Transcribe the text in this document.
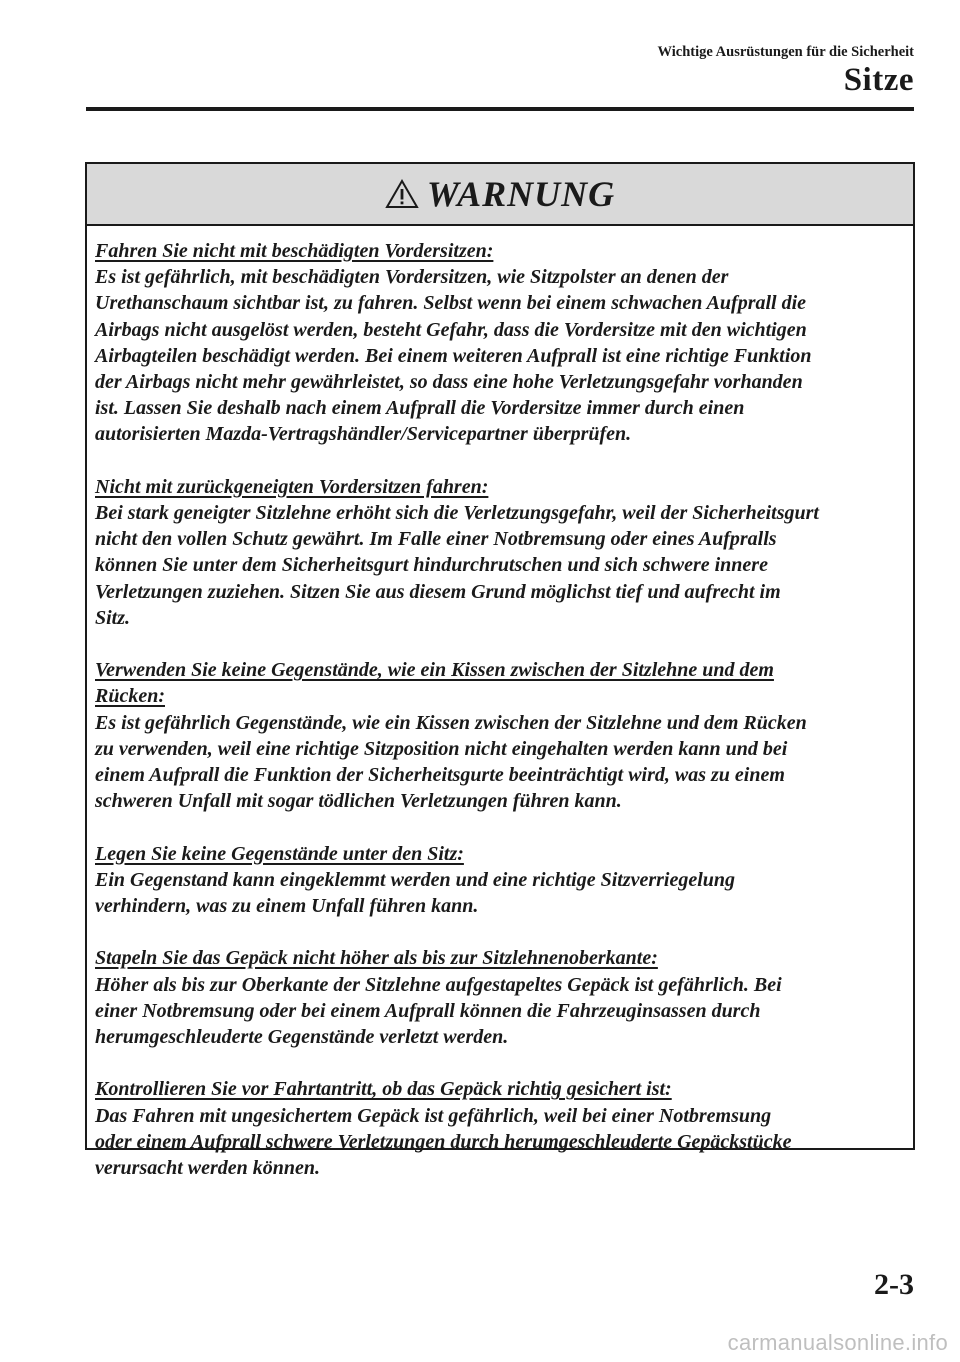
Wichtige Ausrüstungen für die Sicherheit
Sitze
WARNUNG
Fahren Sie nicht mit beschädigten Vordersitzen:
Es ist gefährlich, mit beschädigten Vordersitzen, wie Sitzpolster an denen der
Urethanschaum sichtbar ist, zu fahren. Selbst wenn bei einem schwachen Aufprall die
Airbags nicht ausgelöst werden, besteht Gefahr, dass die Vordersitze mit den wichtigen
Airbagteilen beschädigt werden. Bei einem weiteren Aufprall ist eine richtige Funktion
der Airbags nicht mehr gewährleistet, so dass eine hohe Verletzungsgefahr vorhanden
ist. Lassen Sie deshalb nach einem Aufprall die Vordersitze immer durch einen
autorisierten Mazda-Vertragshändler/Servicepartner überprüfen.
Nicht mit zurückgeneigten Vordersitzen fahren:
Bei stark geneigter Sitzlehne erhöht sich die Verletzungsgefahr, weil der Sicherheitsgurt
nicht den vollen Schutz gewährt. Im Falle einer Notbremsung oder eines Aufpralls
können Sie unter dem Sicherheitsgurt hindurchrutschen und sich schwere innere
Verletzungen zuziehen. Sitzen Sie aus diesem Grund möglichst tief und aufrecht im
Sitz.
Verwenden Sie keine Gegenstände, wie ein Kissen zwischen der Sitzlehne und dem
Rücken:
Es ist gefährlich Gegenstände, wie ein Kissen zwischen der Sitzlehne und dem Rücken
zu verwenden, weil eine richtige Sitzposition nicht eingehalten werden kann und bei
einem Aufprall die Funktion der Sicherheitsgurte beeinträchtigt wird, was zu einem
schweren Unfall mit sogar tödlichen Verletzungen führen kann.
Legen Sie keine Gegenstände unter den Sitz:
Ein Gegenstand kann eingeklemmt werden und eine richtige Sitzverriegelung
verhindern, was zu einem Unfall führen kann.
Stapeln Sie das Gepäck nicht höher als bis zur Sitzlehnenoberkante:
Höher als bis zur Oberkante der Sitzlehne aufgestapeltes Gepäck ist gefährlich. Bei
einer Notbremsung oder bei einem Aufprall können die Fahrzeuginsassen durch
herumgeschleuderte Gegenstände verletzt werden.
Kontrollieren Sie vor Fahrtantritt, ob das Gepäck richtig gesichert ist:
Das Fahren mit ungesichertem Gepäck ist gefährlich, weil bei einer Notbremsung
oder einem Aufprall schwere Verletzungen durch herumgeschleuderte Gepäckstücke
verursacht werden können.
2-3
carmanualsonline.info
